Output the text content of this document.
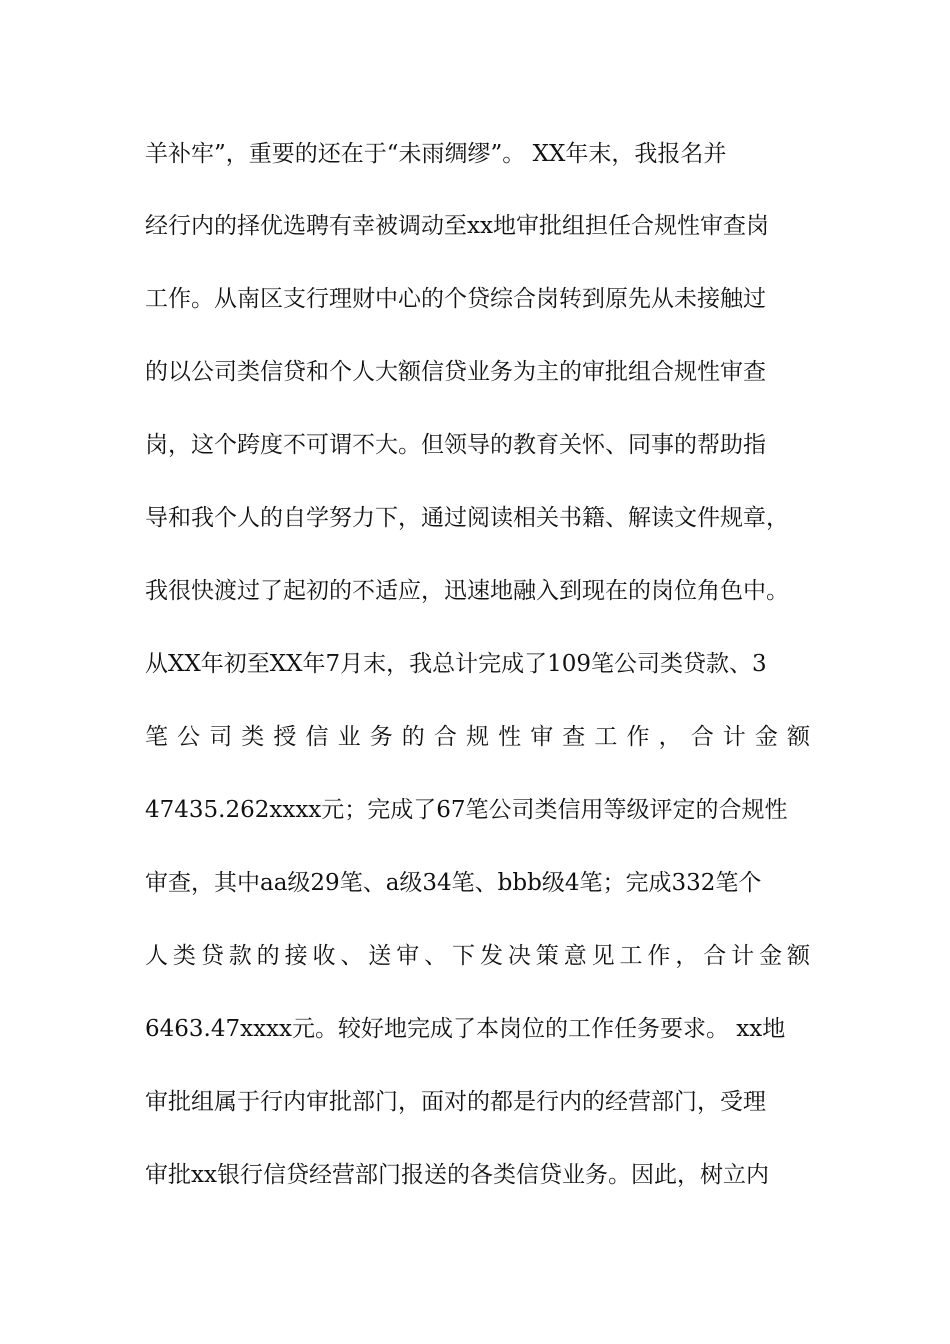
羊补牢”，重要的还在于“未雨绸缪”。 XX年末，我报名并
经行内的择优选聘有幸被调动至xx地审批组担任合规性审查岗
工作。从南区支行理财中心的个贷综合岗转到原先从未接触过
的以公司类信贷和个人大额信贷业务为主的审批组合规性审查
岗，这个跨度不可谓不大。但领导的教育关怀、同事的帮助指
导和我个人的自学努力下，通过阅读相关书籍、解读文件规章，
我很快渡过了起初的不适应，迅速地融入到现在的岗位角色中。
从XX年初至XX年7月末，我总计完成了109笔公司类贷款、3
笔公司类授信业务的合规性审查工作，合计金额
47435.262xxxx元；完成了67笔公司类信用等级评定的合规性
审查，其中aa级29笔、a级34笔、bbb级4笔；完成332笔个
人类贷款的接收、送审、下发决策意见工作，合计金额
6463.47xxxx元。较好地完成了本岗位的工作任务要求。 xx地
审批组属于行内审批部门，面对的都是行内的经营部门，受理
审批xx银行信贷经营部门报送的各类信贷业务。因此，树立内
